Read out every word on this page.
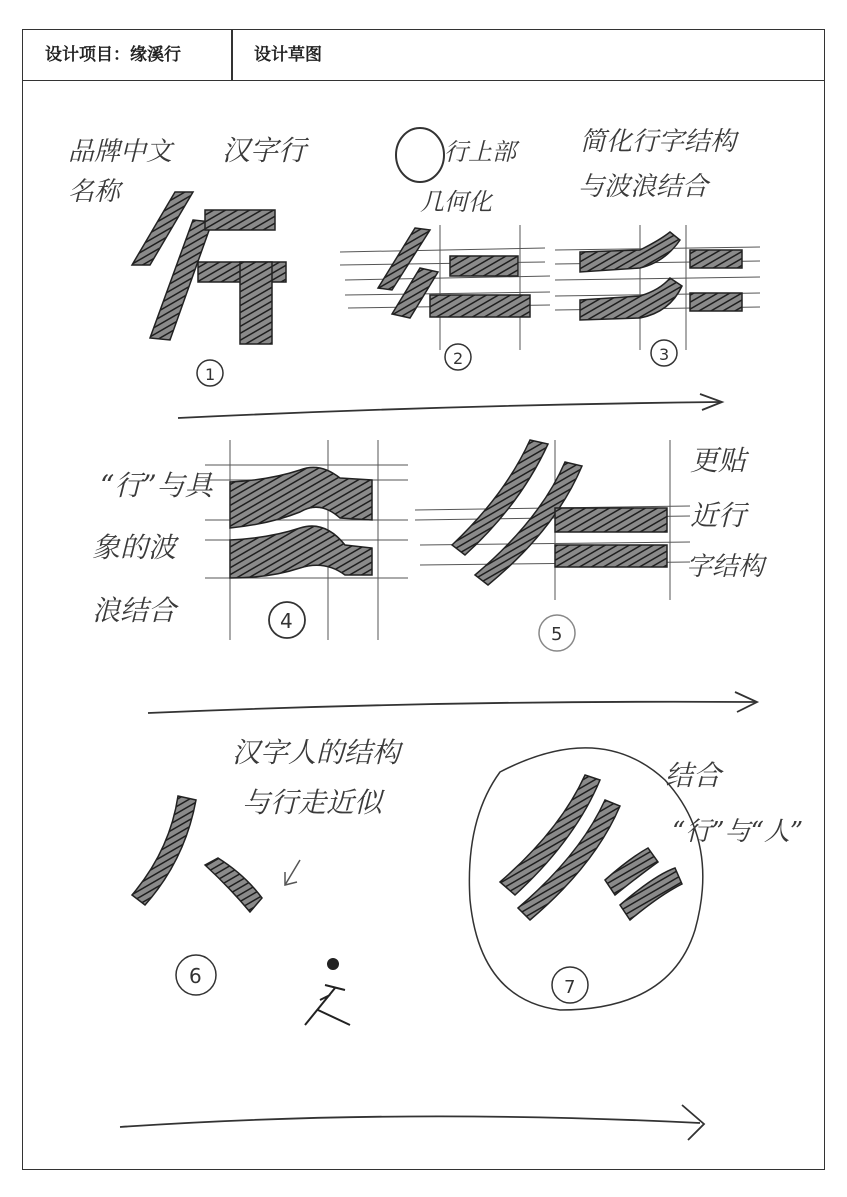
设计项目：缘溪行	设计草图
品牌中文
名称
汉字行	行上部
几何化
简化行字结构
与波浪结合
1
2	3
“行”与具
象的波
浪结合	4
5
更贴
近行
字结构
汉字人的结构
与行走近似
6	7
结合
“行”与“人”
